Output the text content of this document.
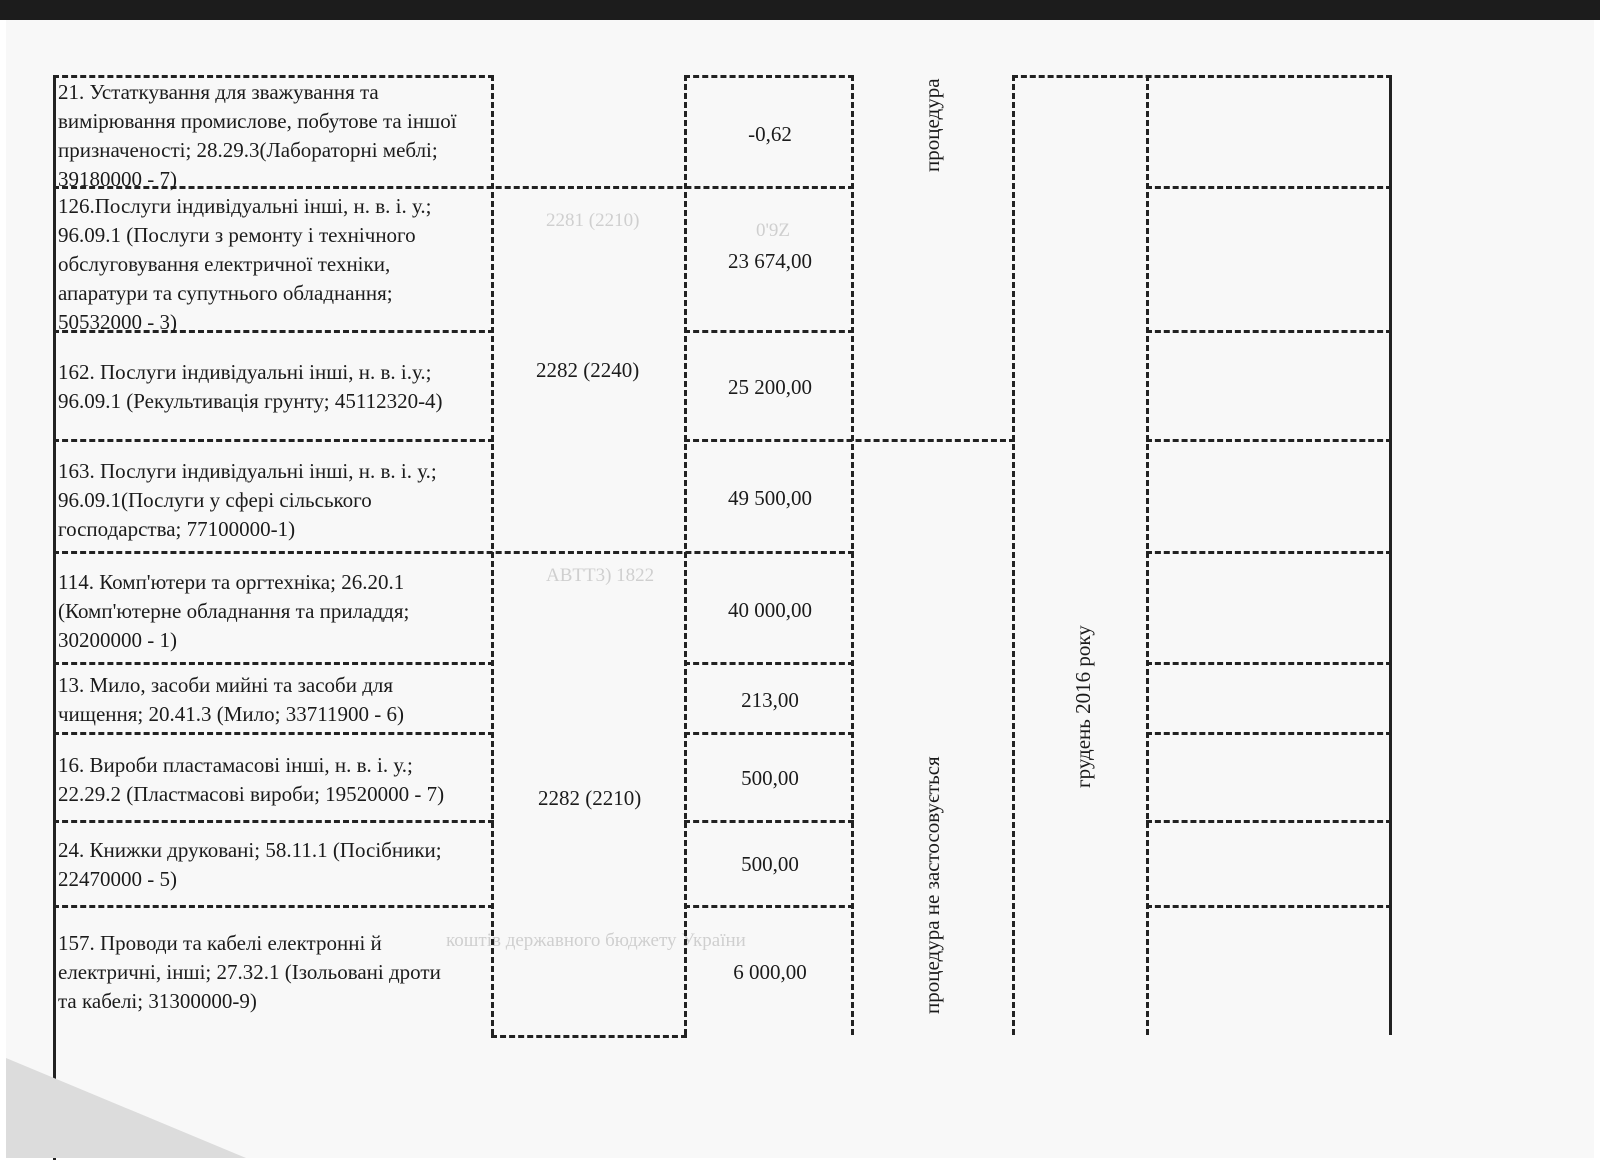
2281 (2210)	0'9Z
ABTT3) 1822
коштів державного бюджету України
21. Устаткування для зважування та
вимірювання промислове, побутове та іншої
призначеності; 28.29.3(Лабораторні меблі;
39180000 - 7)
-0,62
126.Послуги індивідуальні інші, н. в. і. у.;
96.09.1 (Послуги з ремонту і технічного
обслуговування електричної техніки,
апаратури та супутнього обладнання;
50532000 - 3)
23 674,00
162. Послуги індивідуальні інші, н. в. і.у.;
96.09.1 (Рекультивація грунту; 45112320-4)
25 200,00
2282 (2240)
163. Послуги індивідуальні інші, н. в. і. у.;
96.09.1(Послуги у сфері сільського
господарства; 77100000-1)
49 500,00
114. Комп'ютери та оргтехніка; 26.20.1
(Комп'ютерне обладнання та приладдя;
30200000 - 1)
40 000,00
13. Мило, засоби мийні та засоби для
чищення; 20.41.3 (Мило; 33711900 - 6)
213,00
16. Вироби пластамасові інші, н. в. і. у.;
22.29.2 (Пластмасові вироби; 19520000 - 7)
500,00
2282 (2210)
24. Книжки друковані; 58.11.1 (Посібники;
22470000 - 5)
500,00
157. Проводи та кабелі електронні й
електричні, інші; 27.32.1 (Ізольовані дроти
та кабелі; 31300000-9)
6 000,00
процедура
процедура не застосовується
грудень 2016 року
